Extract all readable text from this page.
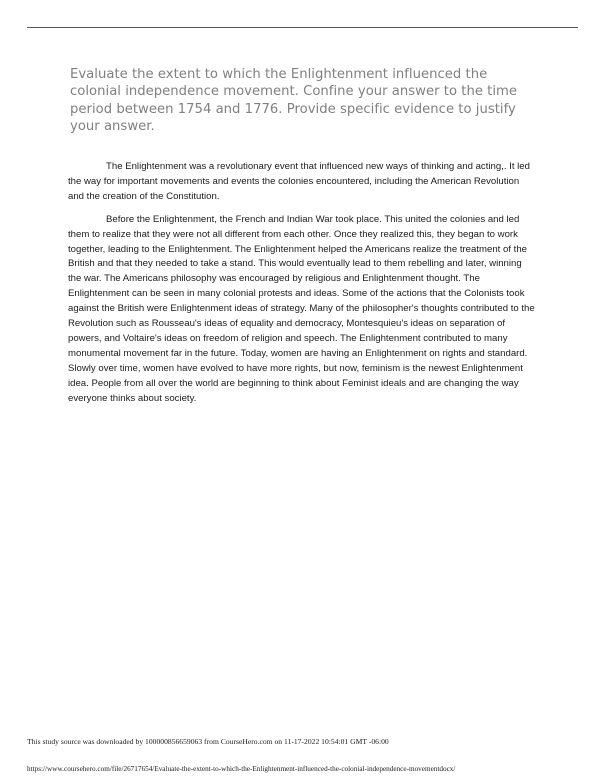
Evaluate the extent to which the Enlightenment influenced the colonial independence movement. Confine your answer to the time period between 1754 and 1776. Provide specific evidence to justify your answer.

The Enlightenment was a revolutionary event that influenced new ways of thinking and acting,. It led the way for important movements and events the colonies encountered, including the American Revolution and the creation of the Constitution.

Before the Enlightenment, the French and Indian War took place. This united the colonies and led them to realize that they were not all different from each other. Once they realized this, they began to work together, leading to the Enlightenment. The Enlightenment helped the Americans realize the treatment of the British and that they needed to take a stand. This would eventually lead to them rebelling and later, winning the war. The Americans philosophy was encouraged by religious and Enlightenment thought. The Enlightenment can be seen in many colonial protests and ideas. Some of the actions that the Colonists took against the British were Enlightenment ideas of strategy. Many of the philosopher's thoughts contributed to the Revolution such as Rousseau's ideas of equality and democracy, Montesquieu's ideas on separation of powers, and Voltaire's ideas on freedom of religion and speech. The Enlightenment contributed to many monumental movement far in the future. Today, women are having an Enlightenment on rights and standard. Slowly over time, women have evolved to have more rights, but now, feminism is the newest Enlightenment idea. People from all over the world are beginning to think about Feminist ideals and are changing the way everyone thinks about society.

This study source was downloaded by 100000856659063 from CourseHero.com on 11-17-2022 10:54:01 GMT -06:00
https://www.coursehero.com/file/26717654/Evaluate-the-extent-to-which-the-Enlightenment-influenced-the-colonial-independence-movementdocx/
